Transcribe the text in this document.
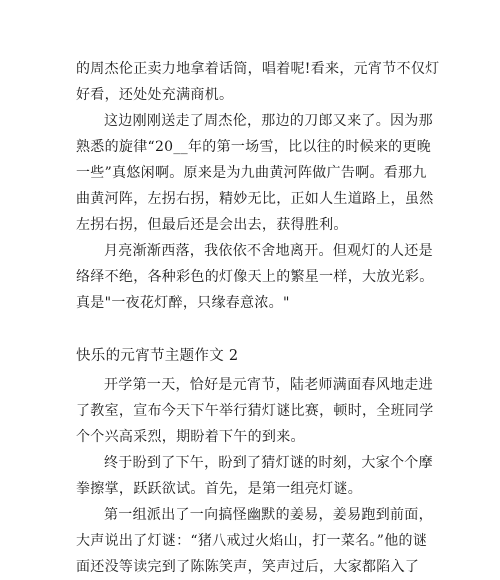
的周杰伦正卖力地拿着话筒，唱着呢!看来，元宵节不仅灯
好看，还处处充满商机。
这边刚刚送走了周杰伦，那边的刀郎又来了。因为那
熟悉的旋律“20__年的第一场雪，比以往的时候来的更晚
一些”真悠闲啊。原来是为九曲黄河阵做广告啊。看那九
曲黄河阵，左拐右拐，精妙无比，正如人生道路上，虽然
左拐右拐，但最后还是会出去，获得胜利。
月亮渐渐西落，我依依不舍地离开。但观灯的人还是
络绎不绝，各种彩色的灯像天上的繁星一样，大放光彩。
真是"一夜花灯醉，只缘春意浓。"
快乐的元宵节主题作文 2
开学第一天，恰好是元宵节，陆老师满面春风地走进
了教室，宣布今天下午举行猜灯谜比赛，顿时，全班同学
个个兴高采烈，期盼着下午的到来。
终于盼到了下午，盼到了猜灯谜的时刻，大家个个摩
拳擦掌，跃跃欲试。首先，是第一组亮灯谜。
第一组派出了一向搞怪幽默的姜易，姜易跑到前面，
大声说出了灯谜：“猪八戒过火焰山，打一菜名。”他的谜
面还没等读完到了陈陈笑声，笑声过后，大家都陷入了
